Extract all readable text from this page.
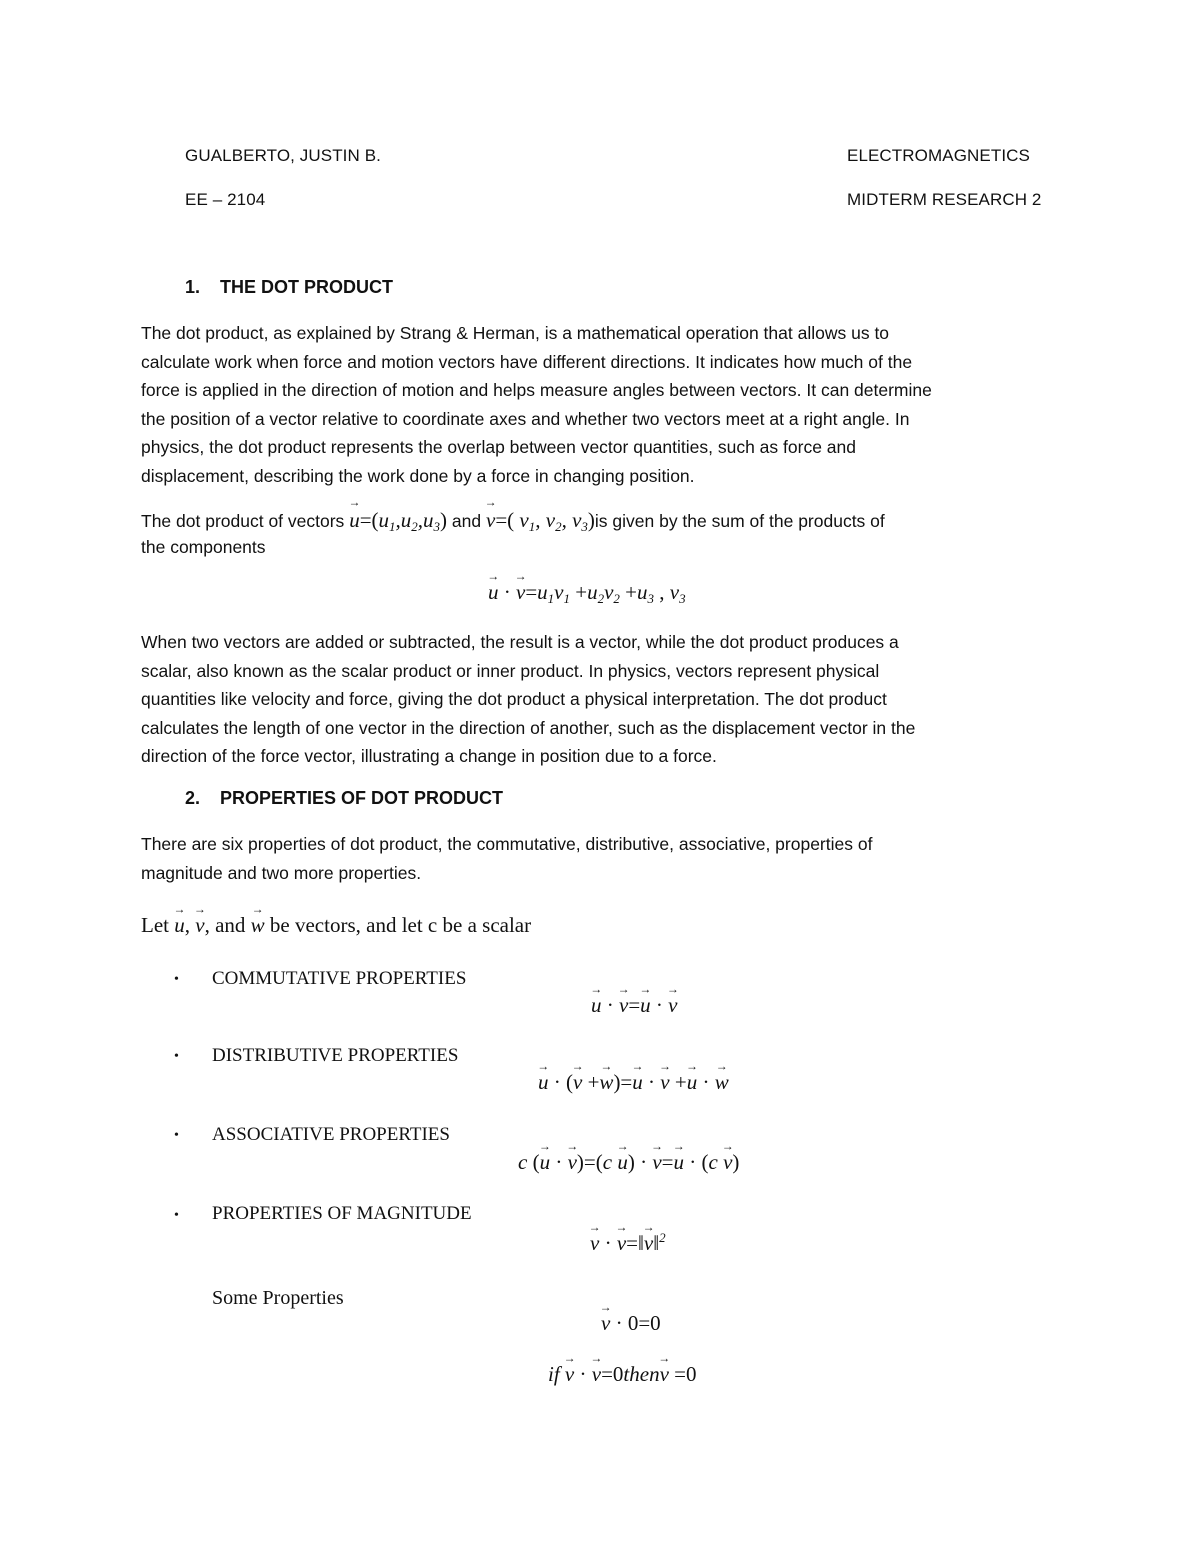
GUALBERTO, JUSTIN B.	ELECTROMAGNETICS
EE – 2104	MIDTERM RESEARCH 2
1. THE DOT PRODUCT
The dot product, as explained by Strang & Herman, is a mathematical operation that allows us to
calculate work when force and motion vectors have different directions. It indicates how much of the
force is applied in the direction of motion and helps measure angles between vectors. It can determine
the position of a vector relative to coordinate axes and whether two vectors meet at a right angle. In
physics, the dot product represents the overlap between vector quantities, such as force and
displacement, describing the work done by a force in changing position.
The dot product of vectors → $u=(u_1,u_2,u_3)$ and → v=( $v_1$, $v_2$, $v_3)is$ given by the sum of the products of
the components
→ u · → $v=u_1v_1 +u_2v_2 +u_3$ , $v_3$
When two vectors are added or subtracted, the result is a vector, while the dot product produces a
scalar, also known as the scalar product or inner product. In physics, vectors represent physical
quantities like velocity and force, giving the dot product a physical interpretation. The dot product
calculates the length of one vector in the direction of another, such as the displacement vector in the
direction of the force vector, illustrating a change in position due to a force.
2. PROPERTIES OF DOT PRODUCT
There are six properties of dot product, the commutative, distributive, associative, properties of
magnitude and two more properties.
Let → u, → v, and → w be vectors, and let c be a scalar
• COMMUTATIVE PROPERTIES
→ u · → v=→ u · → v
• DISTRIBUTIVE PROPERTIES
→ u · (→ v +→ w)=→ u · → v +→ u · → w
• ASSOCIATIVE PROPERTIES
c (→ u · → v)=(c → u) · → v=→ u · (c → v)
• PROPERTIES OF MAGNITUDE
→ v · → v=‖→ v‖$^2$
Some Properties
→ v · 0=0
if → v · → v=0then→ v =0
